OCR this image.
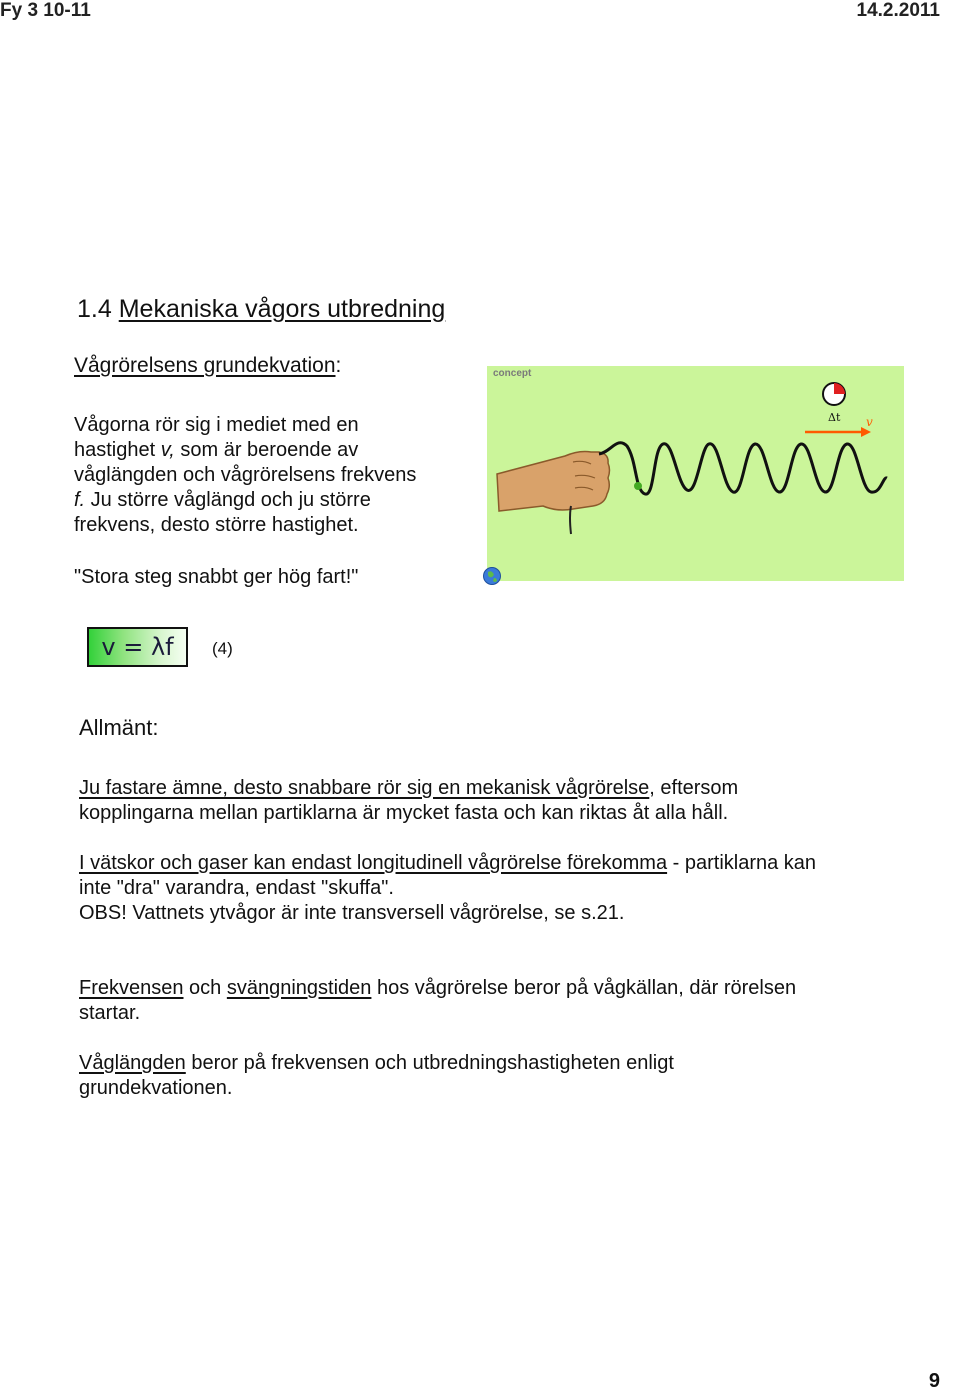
Fy 3 10-11	14.2.2011
1.4 Mekaniska vågors utbredning
Vågrörelsens grundekvation:
Vågorna rör sig i mediet med en
hastighet v, som är beroende av
våglängden och vågrörelsens frekvens
f. Ju större våglängd och ju större
frekvens, desto större hastighet.
"Stora steg snabbt ger hög fart!"
concept
Δt v
v = λf (4)
Allmänt:
Ju fastare ämne, desto snabbare rör sig en mekanisk vågrörelse, eftersom
kopplingarna mellan partiklarna är mycket fasta och kan riktas åt alla håll.
I vätskor och gaser kan endast longitudinell vågrörelse förekomma - partiklarna kan
inte "dra" varandra, endast "skuffa".
OBS! Vattnets ytvågor är inte transversell vågrörelse, se s.21.
Frekvensen och svängningstiden hos vågrörelse beror på vågkällan, där rörelsen
startar.
Våglängden beror på frekvensen och utbredningshastigheten enligt
grundekvationen.
9
